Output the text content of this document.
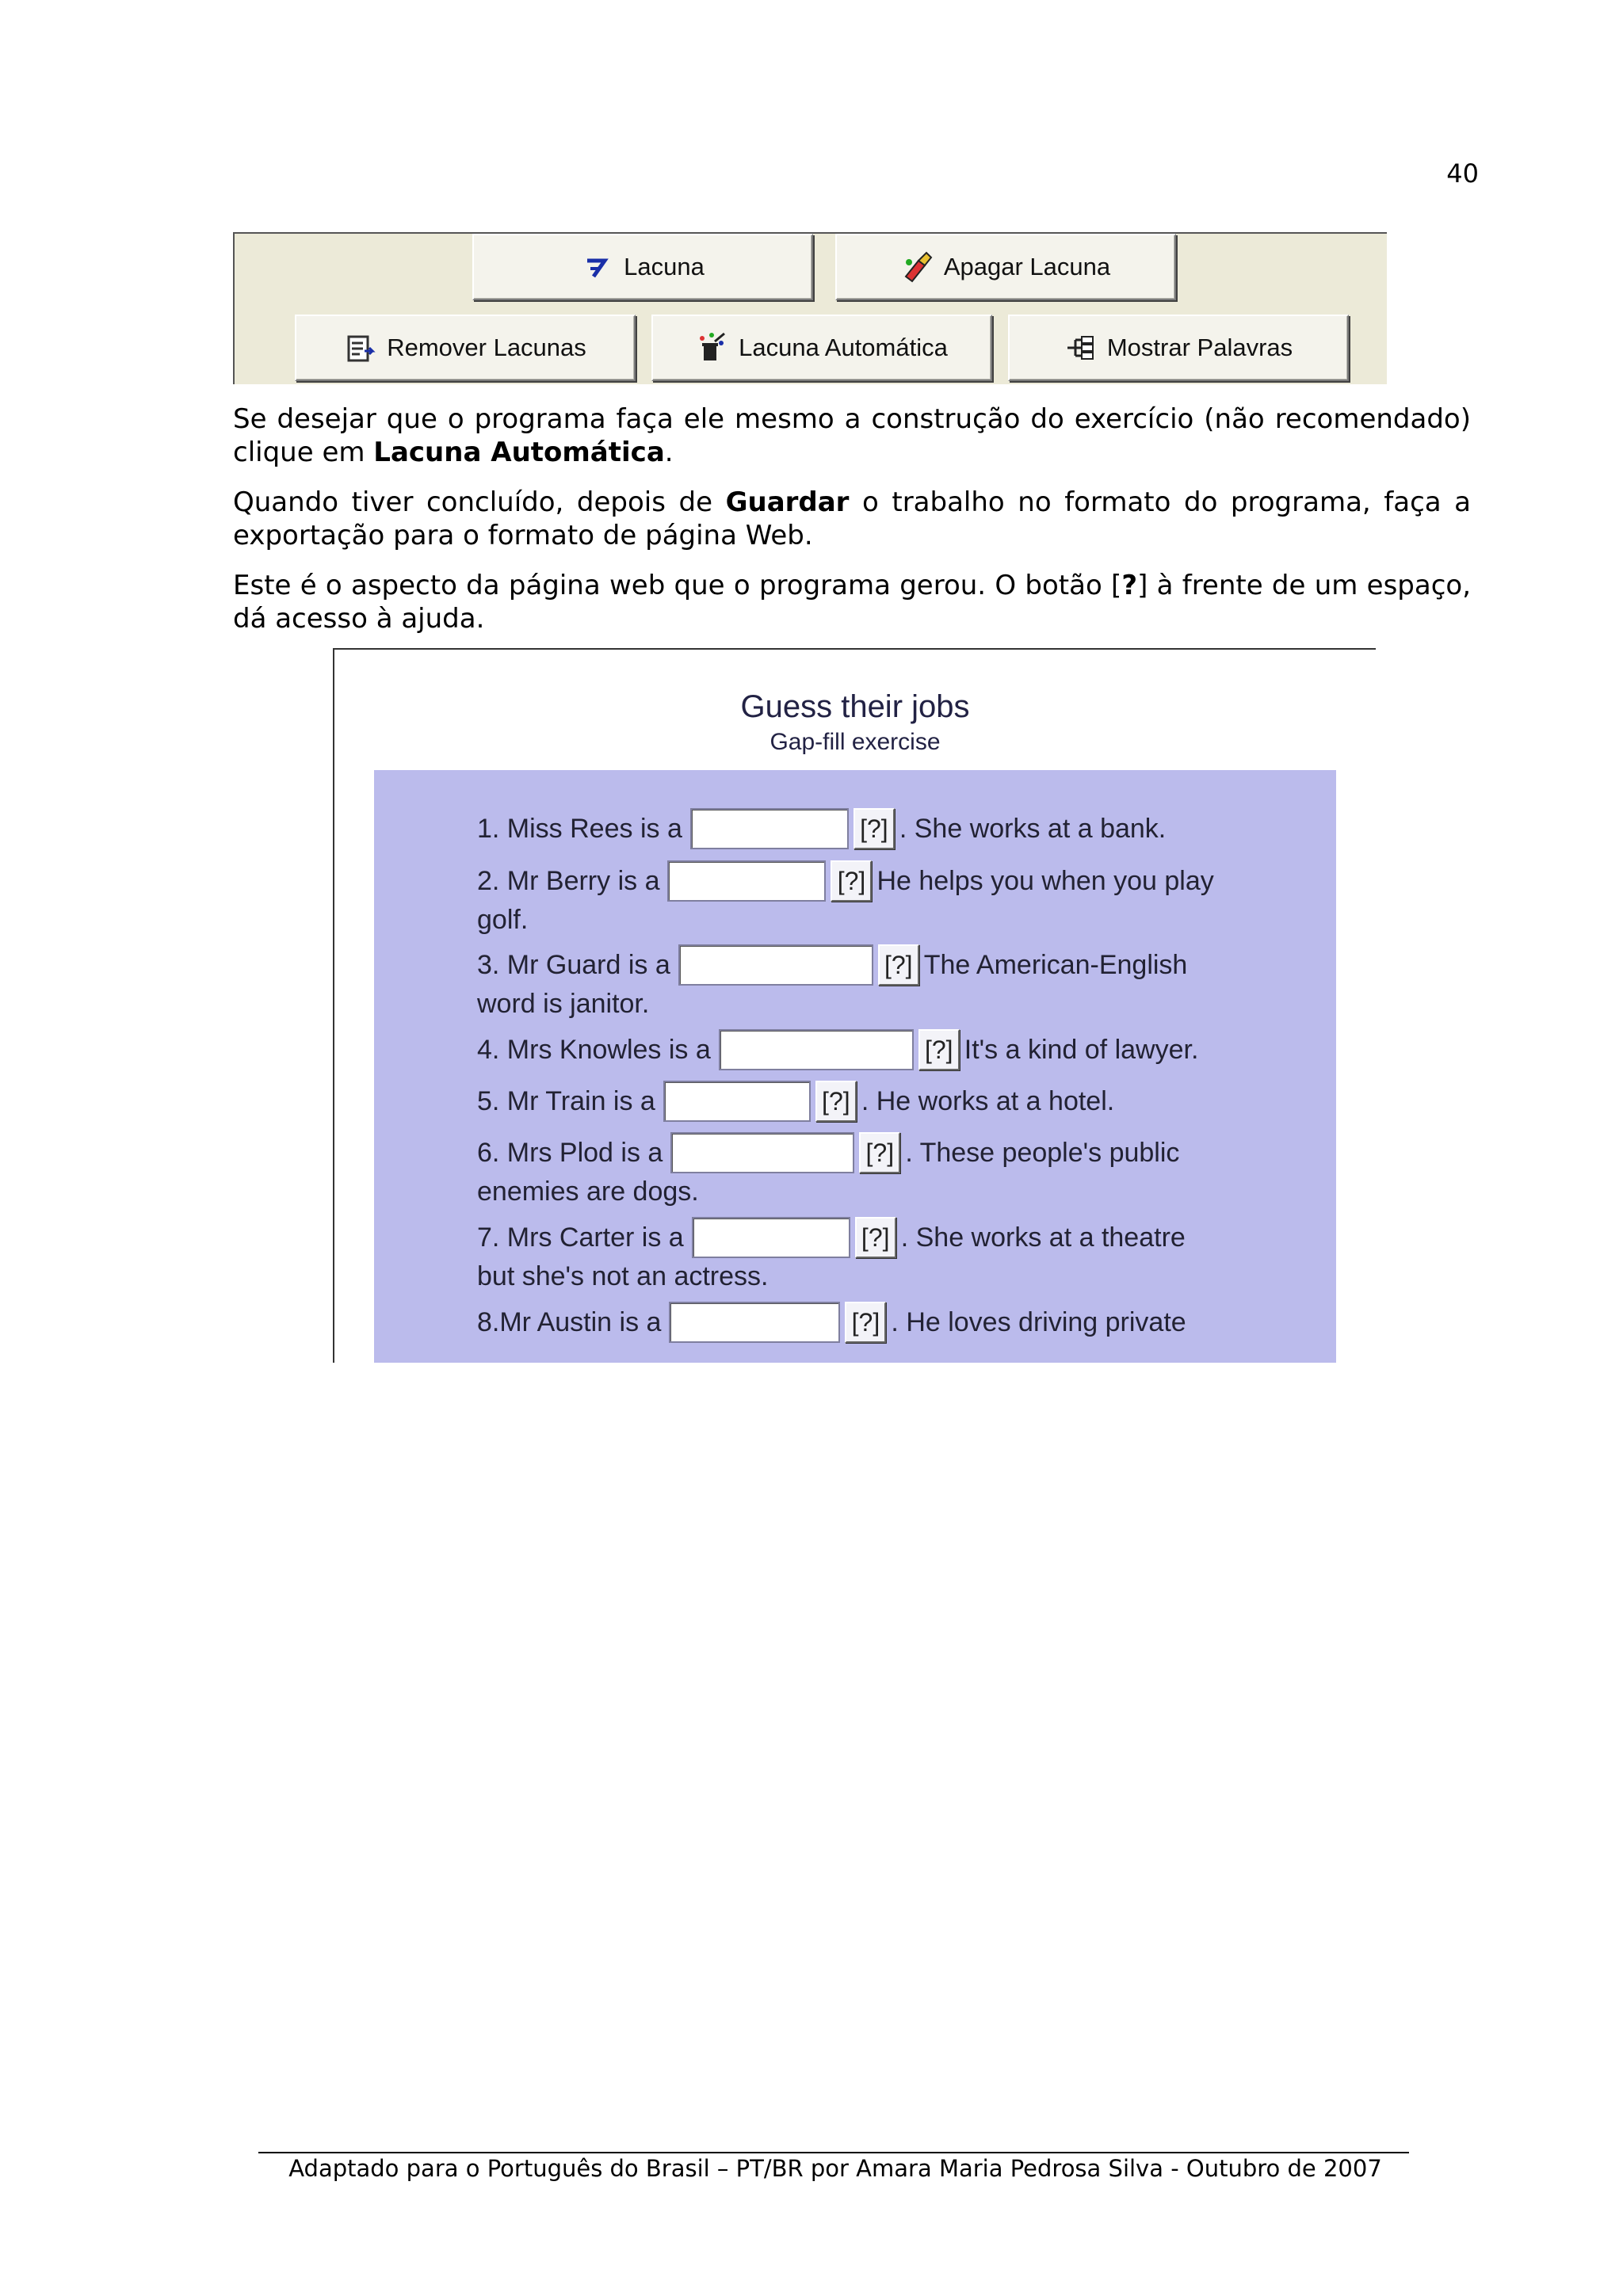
40
Lacuna	Apagar Lacuna
Remover Lacunas	Lacuna Automática	Mostrar Palavras

Se desejar que o programa faça ele mesmo a construção do exercício (não recomendado) clique em Lacuna Automática.

Quando tiver concluído, depois de Guardar o trabalho no formato do programa, faça a exportação para o formato de página Web.

Este é o aspecto da página web que o programa gerou. O botão [?] à frente de um espaço, dá acesso à ajuda.

Guess their jobs
Gap-fill exercise
1. Miss Rees is a	[?] . She works at a bank.
2. Mr Berry is a	[?] He helps you when you play
golf.
3. Mr Guard is a	[?] The American-English
word is janitor.
4. Mrs Knowles is a	[?] It's a kind of lawyer.
5. Mr Train is a	[?] . He works at a hotel.
6. Mrs Plod is a	[?] . These people's public
enemies are dogs.
7. Mrs Carter is a	[?] . She works at a theatre
but she's not an actress.
8.Mr Austin is a	[?] . He loves driving private
Adaptado para o Português do Brasil – PT/BR por Amara Maria Pedrosa Silva - Outubro de 2007
